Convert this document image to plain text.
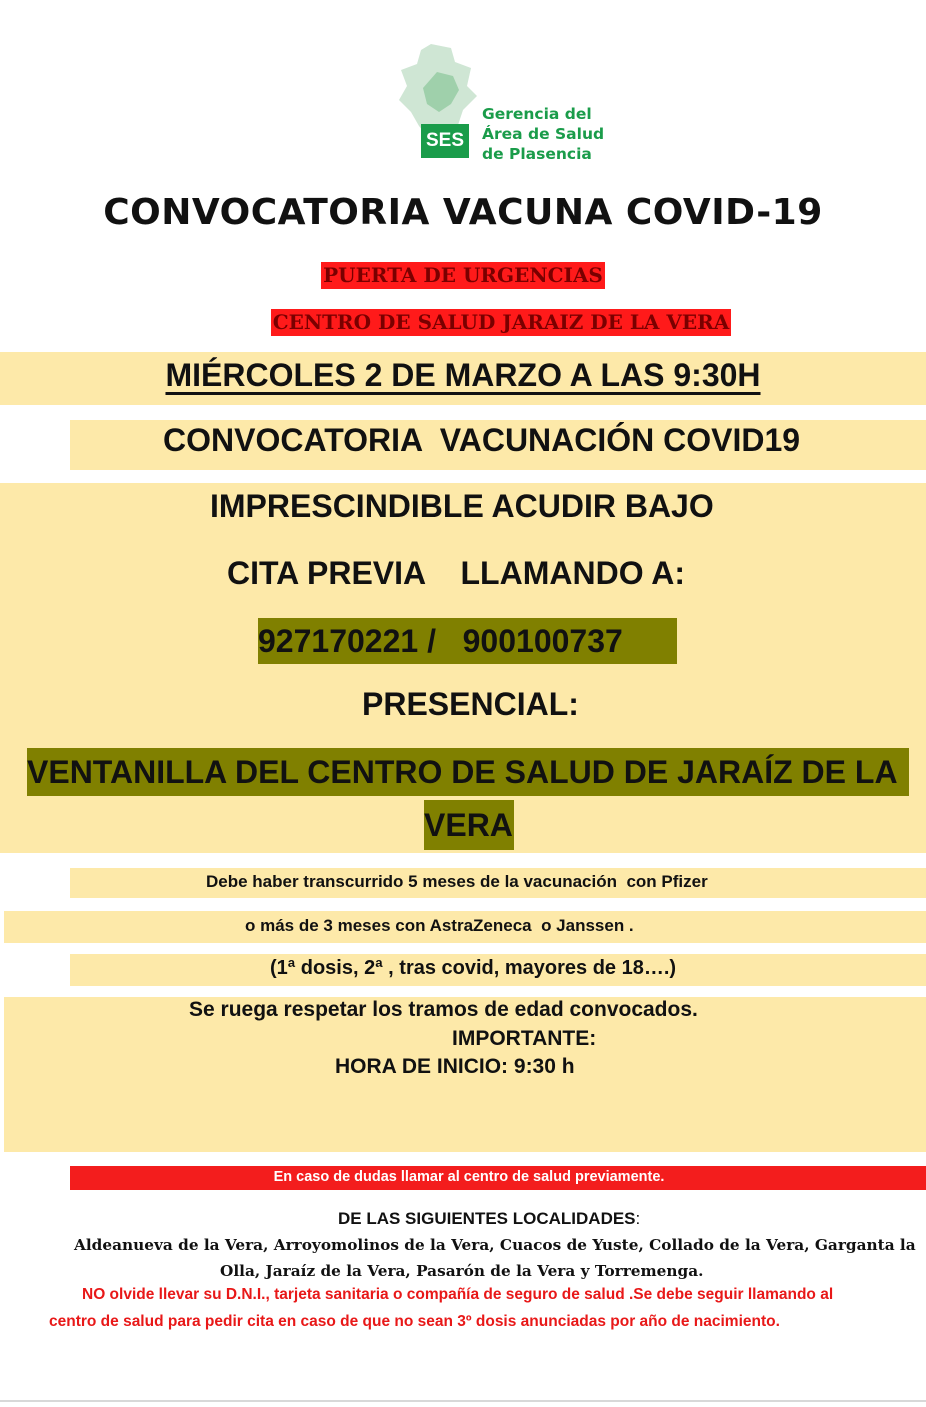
SES
Gerencia del
Área de Salud
de Plasencia
CONVOCATORIA VACUNA COVID-19
PUERTA DE URGENCIAS
CENTRO DE SALUD JARAIZ DE LA VERA
MIÉRCOLES 2 DE MARZO A LAS 9:30H
CONVOCATORIA  VACUNACIÓN COVID19
IMPRESCINDIBLE ACUDIR BAJO
CITA PREVIA    LLAMANDO A:
927170221 /   900100737
PRESENCIAL:
VENTANILLA DEL CENTRO DE SALUD DE JARAÍZ DE LA
VERA
Debe haber transcurrido 5 meses de la vacunación  con Pfizer
o más de 3 meses con AstraZeneca  o Janssen .
(1ª dosis, 2ª , tras covid, mayores de 18….)
Se ruega respetar los tramos de edad convocados.
IMPORTANTE:
HORA DE INICIO: 9:30 h
En caso de dudas llamar al centro de salud previamente.
DE LAS SIGUIENTES LOCALIDADES:
Aldeanueva de la Vera, Arroyomolinos de la Vera, Cuacos de Yuste, Collado de la Vera, Garganta la
Olla, Jaraíz de la Vera, Pasarón de la Vera y Torremenga.
NO olvide llevar su D.N.I., tarjeta sanitaria o compañía de seguro de salud .Se debe seguir llamando al
centro de salud para pedir cita en caso de que no sean 3º dosis anunciadas por año de nacimiento.
